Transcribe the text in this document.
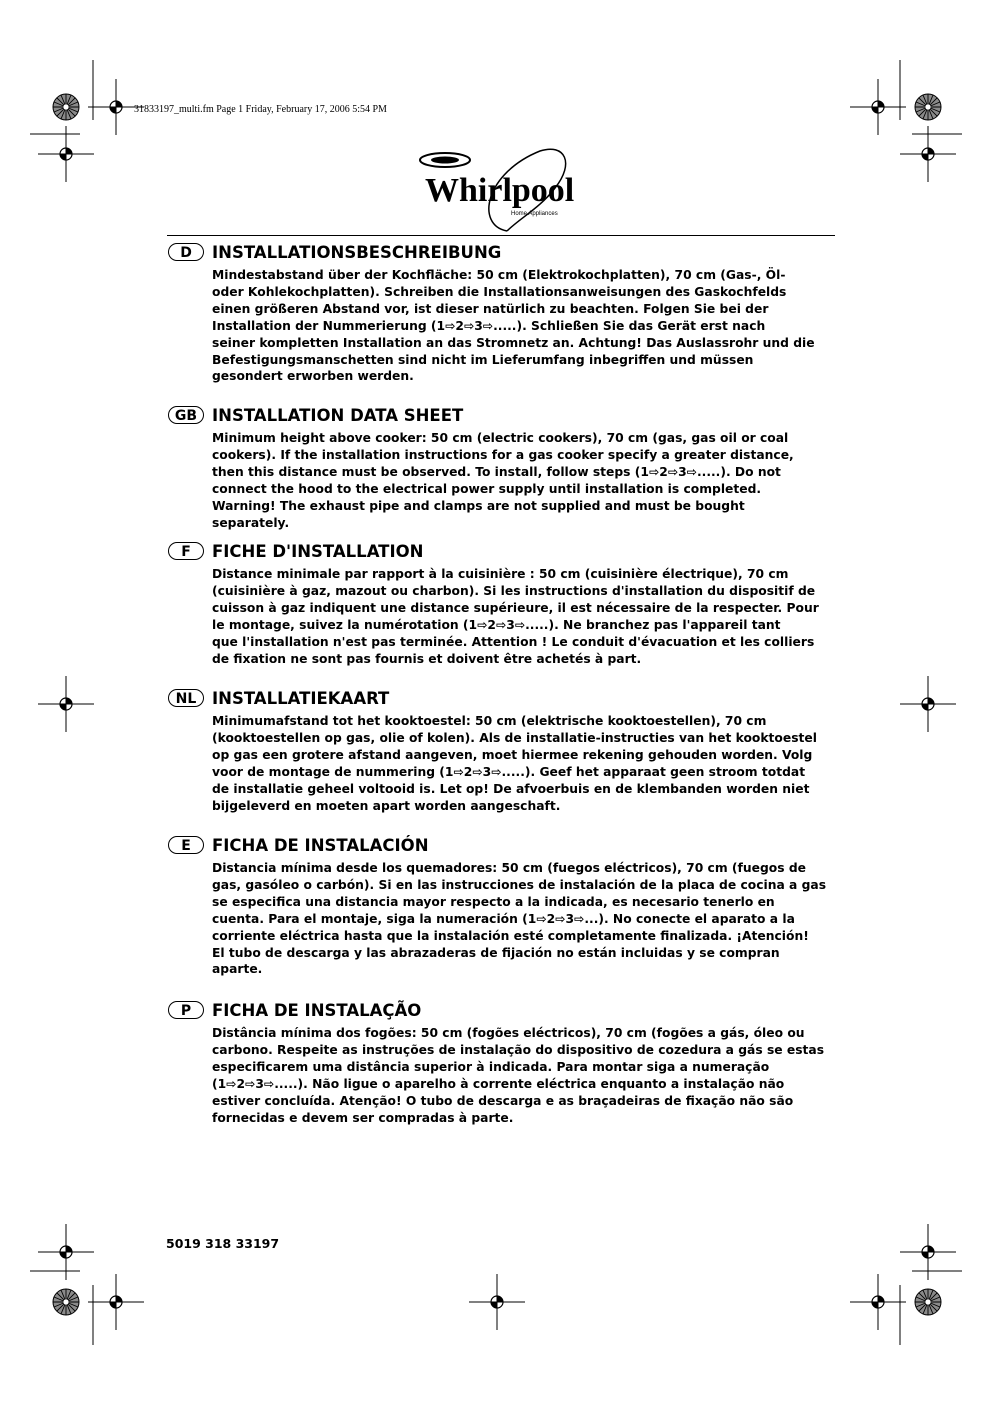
31833197_multi.fm Page 1 Friday, February 17, 2006 5:54 PM
Whirlpool
Home Appliances
D	INSTALLATIONSBESCHREIBUNG

Mindestabstand über der Kochfläche: 50 cm (Elektrokochplatten), 70 cm (Gas-, Öl-

oder Kohlekochplatten). Schreiben die Installationsanweisungen des Gaskochfelds

einen größeren Abstand vor, ist dieser natürlich zu beachten. Folgen Sie bei der

Installation der Nummerierung (1⇨2⇨3⇨.....). Schließen Sie das Gerät erst nach

seiner kompletten Installation an das Stromnetz an. Achtung! Das Auslassrohr und die

Befestigungsmanschetten sind nicht im Lieferumfang inbegriffen und müssen

gesondert erworben werden.

GB INSTALLATION DATA SHEET

Minimum height above cooker: 50 cm (electric cookers), 70 cm (gas, gas oil or coal

cookers). If the installation instructions for a gas cooker specify a greater distance,

then this distance must be observed. To install, follow steps (1⇨2⇨3⇨.....). Do not

connect the hood to the electrical power supply until installation is completed.

Warning! The exhaust pipe and clamps are not supplied and must be bought

separately.

F	FICHE D'INSTALLATION

Distance minimale par rapport à la cuisinière : 50 cm (cuisinière électrique), 70 cm

(cuisinière à gaz, mazout ou charbon). Si les instructions d'installation du dispositif de

cuisson à gaz indiquent une distance supérieure, il est nécessaire de la respecter. Pour

le montage, suivez la numérotation (1⇨2⇨3⇨.....). Ne branchez pas l'appareil tant

que l'installation n'est pas terminée. Attention ! Le conduit d'évacuation et les colliers

de fixation ne sont pas fournis et doivent être achetés à part.

NL INSTALLATIEKAART

Minimumafstand tot het kooktoestel: 50 cm (elektrische kooktoestellen), 70 cm

(kooktoestellen op gas, olie of kolen). Als de installatie-instructies van het kooktoestel

op gas een grotere afstand aangeven, moet hiermee rekening gehouden worden. Volg

voor de montage de nummering (1⇨2⇨3⇨.....). Geef het apparaat geen stroom totdat

de installatie geheel voltooid is. Let op! De afvoerbuis en de klembanden worden niet

bijgeleverd en moeten apart worden aangeschaft.

E	FICHA DE INSTALACIÓN

Distancia mínima desde los quemadores: 50 cm (fuegos eléctricos), 70 cm (fuegos de

gas, gasóleo o carbón). Si en las instrucciones de instalación de la placa de cocina a gas

se especifica una distancia mayor respecto a la indicada, es necesario tenerlo en

cuenta. Para el montaje, siga la numeración (1⇨2⇨3⇨...). No conecte el aparato a la

corriente eléctrica hasta que la instalación esté completamente finalizada. ¡Atención!

El tubo de descarga y las abrazaderas de fijación no están incluidas y se compran

aparte.

P	FICHA DE INSTALAÇÃO

Distância mínima dos fogões: 50 cm (fogões eléctricos), 70 cm (fogões a gás, óleo ou

carbono. Respeite as instruções de instalação do dispositivo de cozedura a gás se estas

especificarem uma distância superior à indicada. Para montar siga a numeração

(1⇨2⇨3⇨.....). Não ligue o aparelho à corrente eléctrica enquanto a instalação não

estiver concluída. Atenção! O tubo de descarga e as braçadeiras de fixação não são

fornecidas e devem ser compradas à parte.

5019 318 33197
